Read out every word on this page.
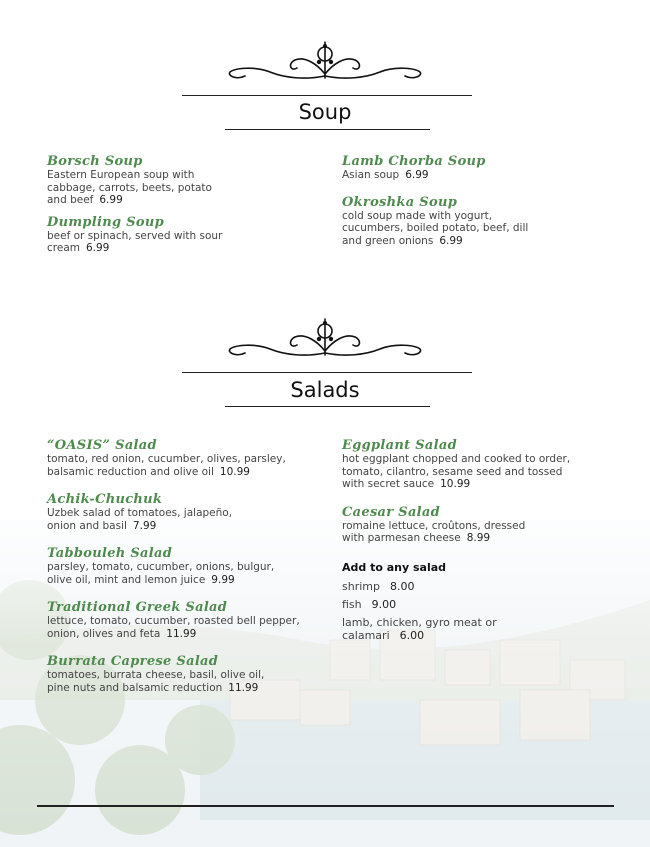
Soup
Borsch Soup
Eastern European soup with cabbage, carrots, beets, potato and beef 6.99
Dumpling Soup
beef or spinach, served with sour cream 6.99
Lamb Chorba Soup
Asian soup 6.99
Okroshka Soup
cold soup made with yogurt, cucumbers, boiled potato, beef, dill and green onions 6.99
Salads
“OASIS” Salad
tomato, red onion, cucumber, olives, parsley, balsamic reduction and olive oil 10.99
Achik-Chuchuk
Uzbek salad of tomatoes, jalapeño, onion and basil 7.99
Tabbouleh Salad
parsley, tomato, cucumber, onions, bulgur, olive oil, mint and lemon juice 9.99
Traditional Greek Salad
lettuce, tomato, cucumber, roasted bell pepper, onion, olives and feta 11.99
Burrata Caprese Salad
tomatoes, burrata cheese, basil, olive oil, pine nuts and balsamic reduction 11.99
Eggplant Salad
hot eggplant chopped and cooked to order, tomato, cilantro, sesame seed and tossed with secret sauce 10.99
Caesar Salad
romaine lettuce, croûtons, dressed with parmesan cheese 8.99
Add to any salad
shrimp 8.00
fish 9.00
lamb, chicken, gyro meat or calamari 6.00
